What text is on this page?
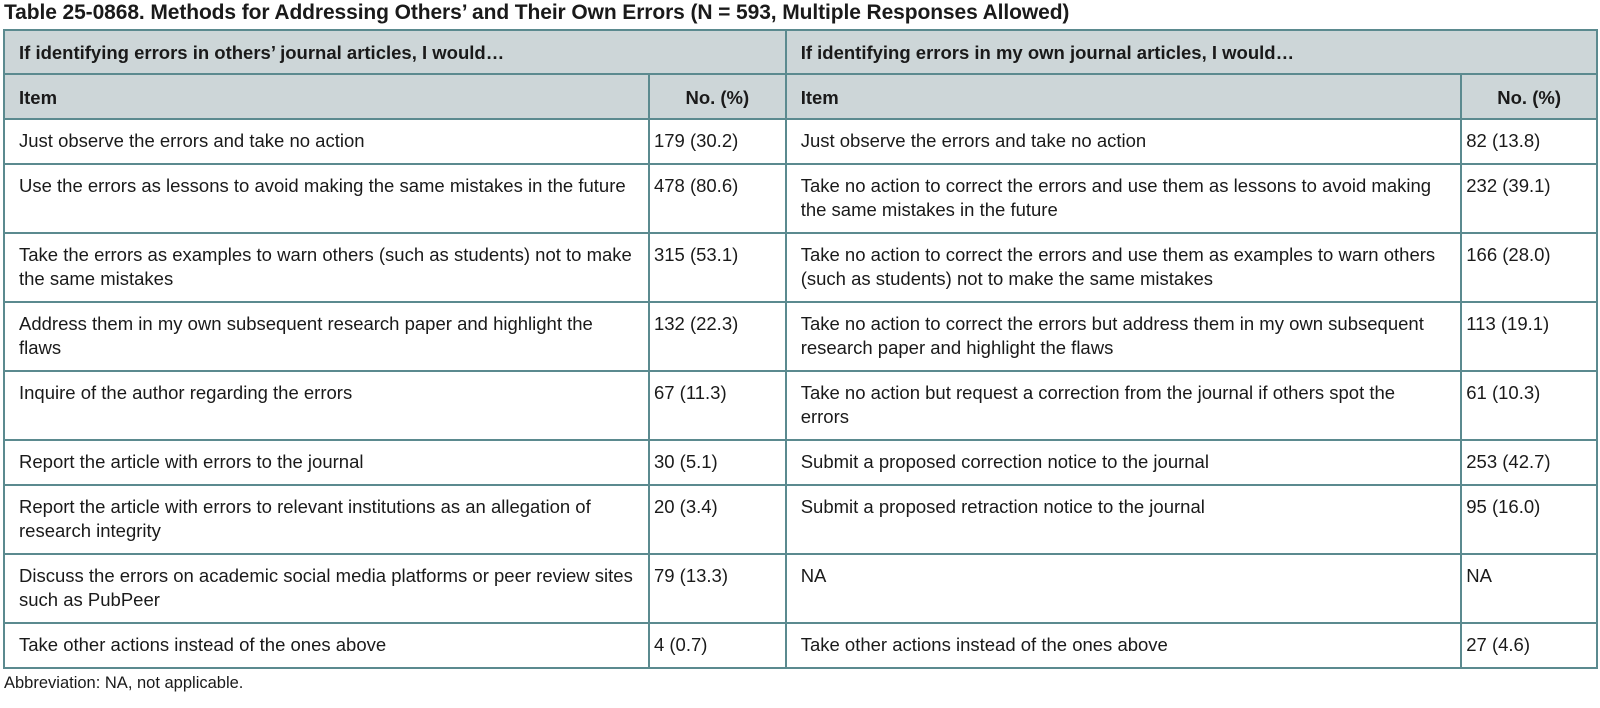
Table 25-0868. Methods for Addressing Others’ and Their Own Errors (N = 593, Multiple Responses Allowed)
If identifying errors in others’ journal articles, I would…		If identifying errors in my own journal articles, I would…	
Item	No. (%)	Item	No. (%)
Just observe the errors and take no action	179 (30.2)	Just observe the errors and take no action	82 (13.8)
Use the errors as lessons to avoid making the same mistakes in the future	478 (80.6)	Take no action to correct the errors and use them as lessons to avoid making the same mistakes in the future	232 (39.1)
Take the errors as examples to warn others (such as students) not to make the same mistakes	315 (53.1)	Take no action to correct the errors and use them as examples to warn others (such as students) not to make the same mistakes	166 (28.0)
Address them in my own subsequent research paper and highlight the flaws	132 (22.3)	Take no action to correct the errors but address them in my own subsequent research paper and highlight the flaws	113 (19.1)
Inquire of the author regarding the errors	67 (11.3)	Take no action but request a correction from the journal if others spot the errors	61 (10.3)
Report the article with errors to the journal	30 (5.1)	Submit a proposed correction notice to the journal	253 (42.7)
Report the article with errors to relevant institutions as an allegation of research integrity	20 (3.4)	Submit a proposed retraction notice to the journal	95 (16.0)
Discuss the errors on academic social media platforms or peer review sites such as PubPeer	79 (13.3)	NA	NA
Take other actions instead of the ones above	4 (0.7)	Take other actions instead of the ones above	27 (4.6)
Abbreviation: NA, not applicable.
